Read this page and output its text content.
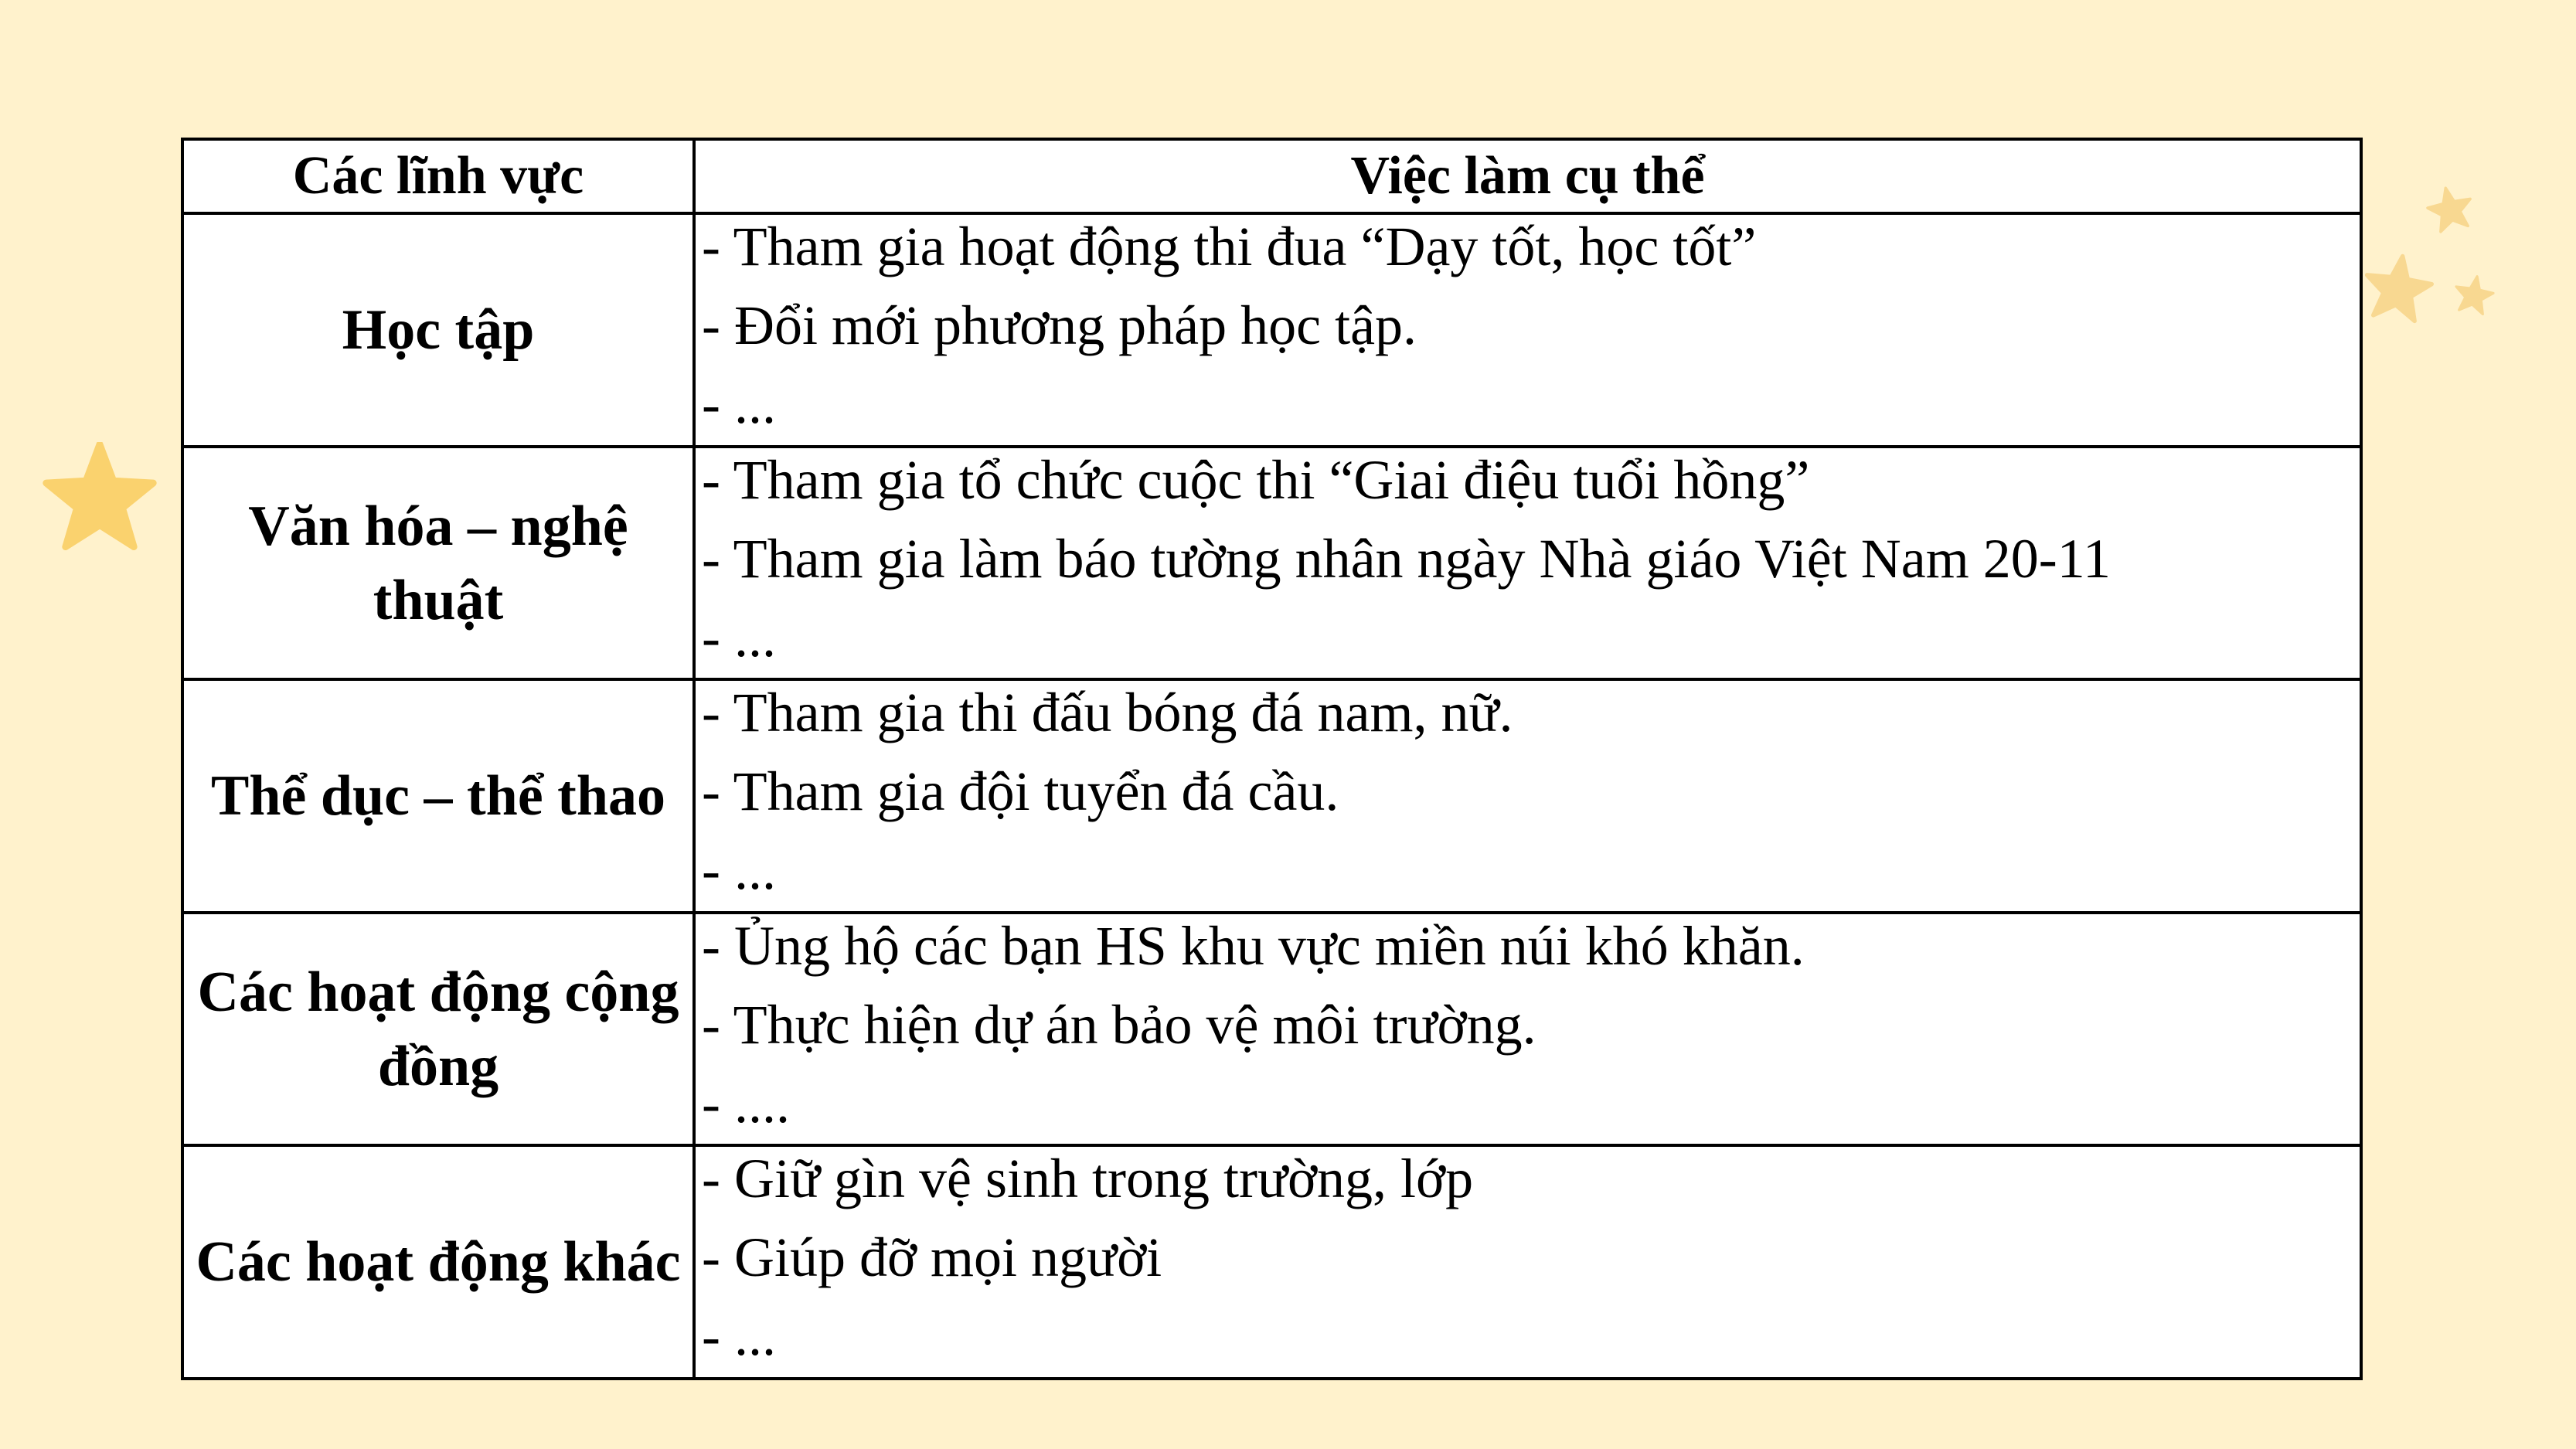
Các lĩnh vực	Việc làm cụ thể
Học tập	- Tham gia hoạt động thi đua “Dạy tốt, học tốt”
- Đổi mới phương pháp học tập.
- ...

Văn hóa – nghệ thuật	- Tham gia tổ chức cuộc thi “Giai điệu tuổi hồng”
- Tham gia làm báo tường nhân ngày Nhà giáo Việt Nam 20-11
- ...

Thể dục – thể thao	- Tham gia thi đấu bóng đá nam, nữ.
- Tham gia đội tuyển đá cầu.
- ...

Các hoạt động cộng đồng	- Ủng hộ các bạn HS khu vực miền núi khó khăn.
- Thực hiện dự án bảo vệ môi trường.
- ....

Các hoạt động khác	- Giữ gìn vệ sinh trong trường, lớp
- Giúp đỡ mọi người
- ...
